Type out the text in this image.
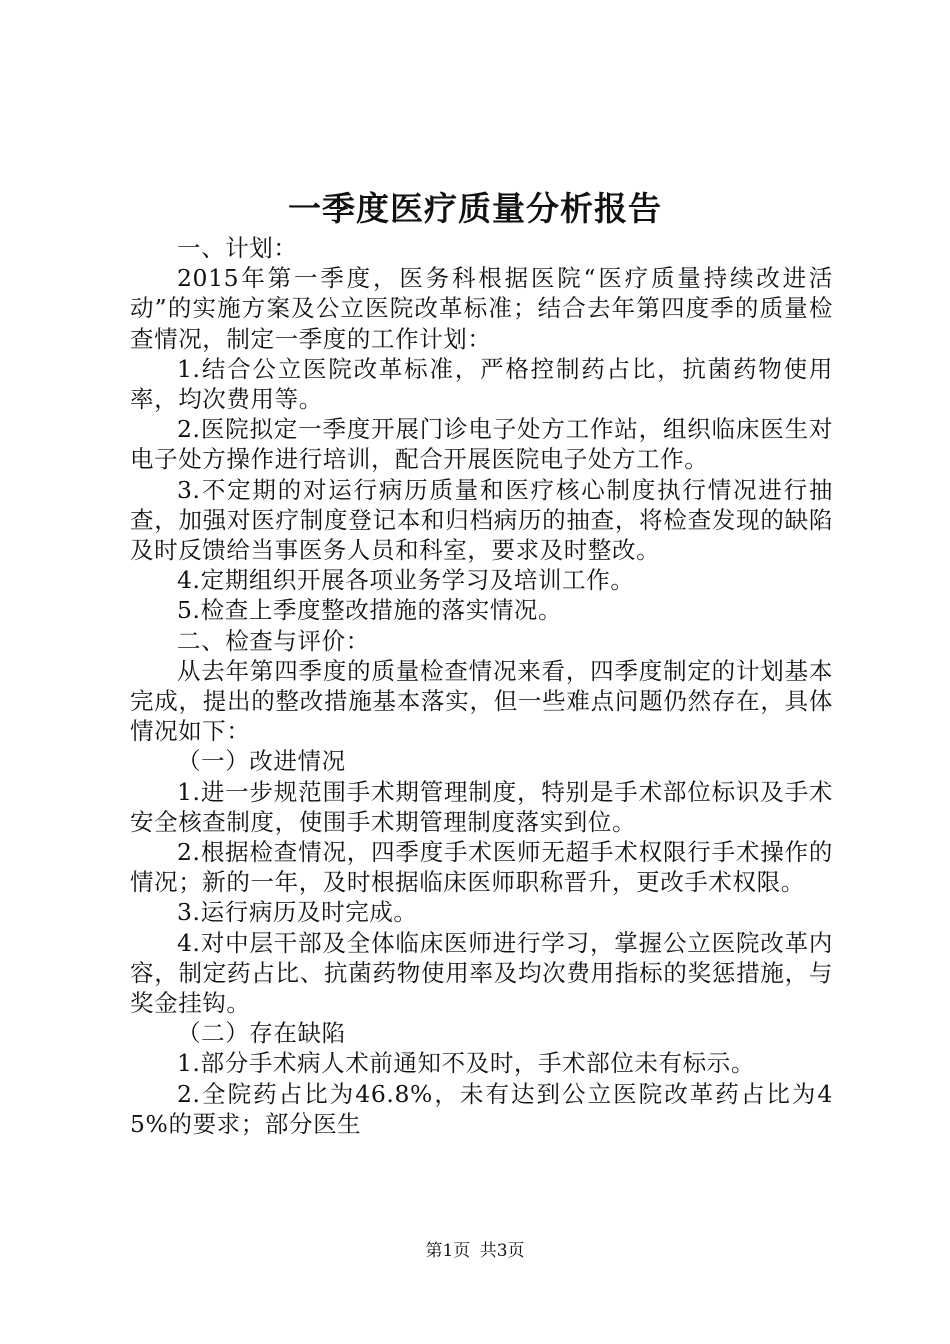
一季度医疗质量分析报告

一、计划：

2015年第一季度，医务科根据医院“医疗质量持续改进活动”的实施方案及公立医院改革标准；结合去年第四度季的质量检查情况，制定一季度的工作计划：

1.结合公立医院改革标准，严格控制药占比，抗菌药物使用率，均次费用等。

2.医院拟定一季度开展门诊电子处方工作站，组织临床医生对电子处方操作进行培训，配合开展医院电子处方工作。

3.不定期的对运行病历质量和医疗核心制度执行情况进行抽查，加强对医疗制度登记本和归档病历的抽查，将检查发现的缺陷及时反馈给当事医务人员和科室，要求及时整改。

4.定期组织开展各项业务学习及培训工作。

5.检查上季度整改措施的落实情况。

二、检查与评价：

从去年第四季度的质量检查情况来看，四季度制定的计划基本完成，提出的整改措施基本落实，但一些难点问题仍然存在，具体情况如下：

（一）改进情况

1.进一步规范围手术期管理制度，特别是手术部位标识及手术安全核查制度，使围手术期管理制度落实到位。

2.根据检查情况，四季度手术医师无超手术权限行手术操作的情况；新的一年，及时根据临床医师职称晋升，更改手术权限。

3.运行病历及时完成。

4.对中层干部及全体临床医师进行学习，掌握公立医院改革内容，制定药占比、抗菌药物使用率及均次费用指标的奖惩措施，与奖金挂钩。

（二）存在缺陷

1.部分手术病人术前通知不及时，手术部位未有标示。

2.全院药占比为46.8%，未有达到公立医院改革药占比为45%的要求；部分医生

第1页 共3页
